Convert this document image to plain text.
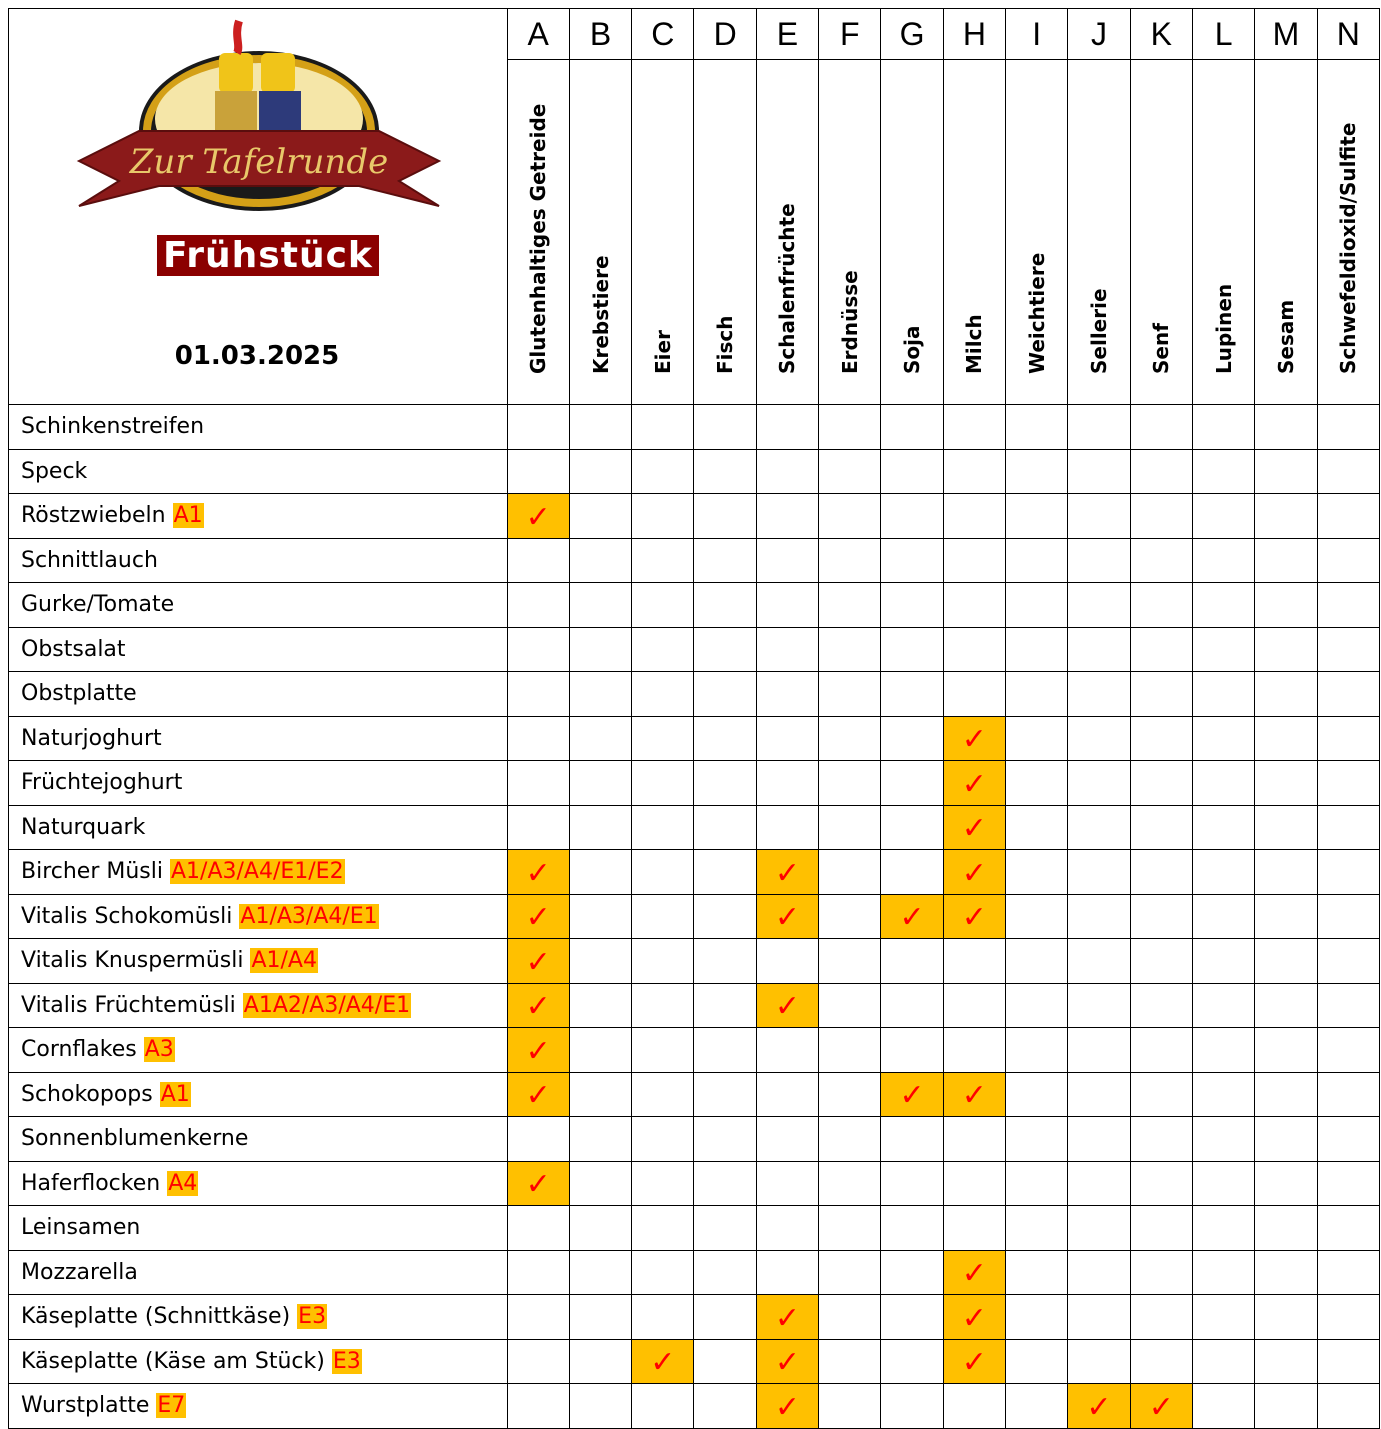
Zur Tafelrunde
Frühstück
01.03.2025	A	B	C	D	E	F	G	H	I	J	K	L	M	N

	Glutenhaltiges Getreide	Krebstiere	Eier	Fisch	Schalenfrüchte	Erdnüsse	Soja	Milch	Weichtiere	Sellerie	Senf	Lupinen	Sesam	Schwefeldioxid/Sulfite

Schinkenstreifen														
Speck														
Röstzwiebeln A1	✓													
Schnittlauch														
Gurke/Tomate														
Obstsalat														
Obstplatte														
Naturjoghurt								✓						
Früchtejoghurt								✓						
Naturquark								✓						
Bircher Müsli A1/A3/A4/E1/E2	✓				✓			✓						
Vitalis Schokomüsli A1/A3/A4/E1	✓				✓		✓	✓						
Vitalis Knuspermüsli A1/A4	✓													
Vitalis Früchtemüsli A1A2/A3/A4/E1	✓				✓									
Cornflakes A3	✓													
Schokopops A1	✓						✓	✓						
Sonnenblumenkerne														
Haferflocken A4	✓													
Leinsamen														
Mozzarella								✓						
Käseplatte (Schnittkäse) E3					✓			✓						
Käseplatte (Käse am Stück) E3			✓		✓			✓						
Wurstplatte E7					✓					✓	✓			
